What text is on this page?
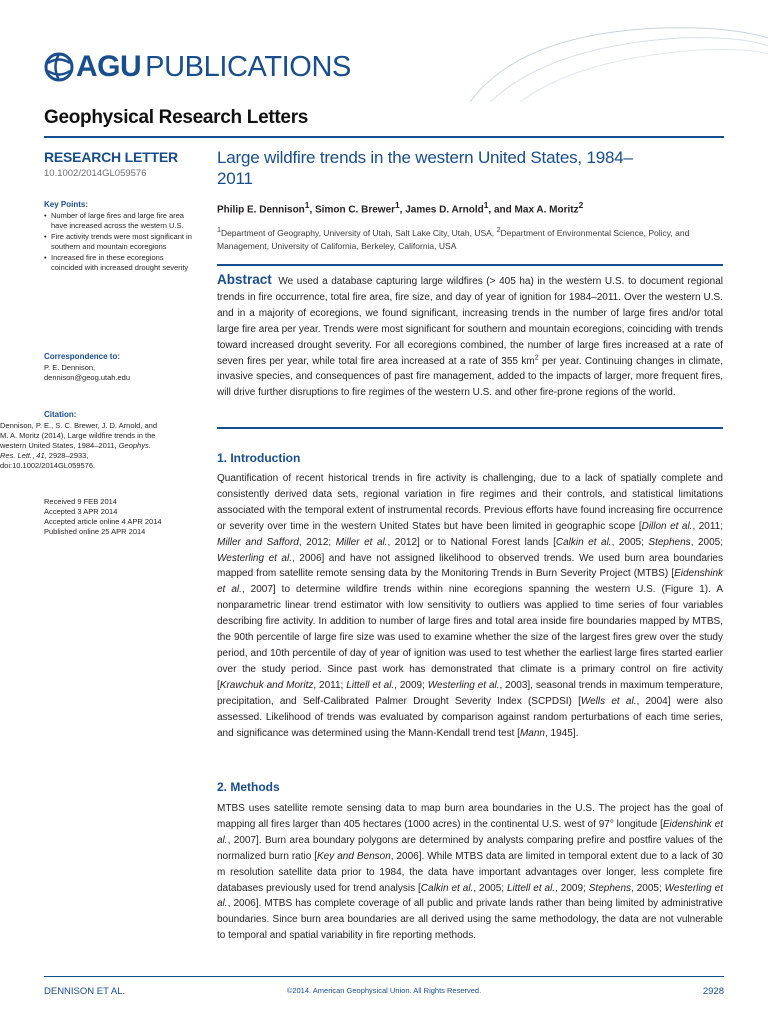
AGU PUBLICATIONS
Geophysical Research Letters
RESEARCH LETTER
10.1002/2014GL059576
Key Points:
• Number of large fires and large fire area have increased across the western U.S.
• Fire activity trends were most significant in southern and mountain ecoregions
• Increased fire in these ecoregions coincided with increased drought severity
Correspondence to:
P. E. Dennison,
dennison@geog.utah.edu
Citation:
Dennison, P. E., S. C. Brewer, J. D. Arnold, and M. A. Moritz (2014), Large wildfire trends in the western United States, 1984–2011, Geophys. Res. Lett., 41, 2928–2933, doi:10.1002/2014GL059576.
Received 9 FEB 2014
Accepted 3 APR 2014
Accepted article online 4 APR 2014
Published online 25 APR 2014
Large wildfire trends in the western United States, 1984–2011
Philip E. Dennison$^1$, Simon C. Brewer$^1$, James D. Arnold$^1$, and Max A. Moritz$^2$
$^1$Department of Geography, University of Utah, Salt Lake City, Utah, USA, $^2$Department of Environmental Science, Policy, and Management, University of California, Berkeley, California, USA
Abstract We used a database capturing large wildfires (> 405 ha) in the western U.S. to document regional trends in fire occurrence, total fire area, fire size, and day of year of ignition for 1984–2011. Over the western U.S. and in a majority of ecoregions, we found significant, increasing trends in the number of large fires and/or total large fire area per year. Trends were most significant for southern and mountain ecoregions, coinciding with trends toward increased drought severity. For all ecoregions combined, the number of large fires increased at a rate of seven fires per year, while total fire area increased at a rate of 355 $km^2$ per year. Continuing changes in climate, invasive species, and consequences of past fire management, added to the impacts of larger, more frequent fires, will drive further disruptions to fire regimes of the western U.S. and other fire-prone regions of the world.
1. Introduction

Quantification of recent historical trends in fire activity is challenging, due to a lack of spatially complete and consistently derived data sets, regional variation in fire regimes and their controls, and statistical limitations associated with the temporal extent of instrumental records. Previous efforts have found increasing fire occurrence or severity over time in the western United States but have been limited in geographic scope [Dillon et al., 2011; Miller and Safford, 2012; Miller et al., 2012] or to National Forest lands [Calkin et al., 2005; Stephens, 2005; Westerling et al., 2006] and have not assigned likelihood to observed trends. We used burn area boundaries mapped from satellite remote sensing data by the Monitoring Trends in Burn Severity Project (MTBS) [Eidenshink et al., 2007] to determine wildfire trends within nine ecoregions spanning the western U.S. (Figure 1). A nonparametric linear trend estimator with low sensitivity to outliers was applied to time series of four variables describing fire activity. In addition to number of large fires and total area inside fire boundaries mapped by MTBS, the 90th percentile of large fire size was used to examine whether the size of the largest fires grew over the study period, and 10th percentile of day of year of ignition was used to test whether the earliest large fires started earlier over the study period. Since past work has demonstrated that climate is a primary control on fire activity [Krawchuk and Moritz, 2011; Littell et al., 2009; Westerling et al., 2003], seasonal trends in maximum temperature, precipitation, and Self-Calibrated Palmer Drought Severity Index (SCPDSI) [Wells et al., 2004] were also assessed. Likelihood of trends was evaluated by comparison against random perturbations of each time series, and significance was determined using the Mann-Kendall trend test [Mann, 1945].

2. Methods

MTBS uses satellite remote sensing data to map burn area boundaries in the U.S. The project has the goal of mapping all fires larger than 405 hectares (1000 acres) in the continental U.S. west of 97° longitude [Eidenshink et al., 2007]. Burn area boundary polygons are determined by analysts comparing prefire and postfire values of the normalized burn ratio [Key and Benson, 2006]. While MTBS data are limited in temporal extent due to a lack of 30 m resolution satellite data prior to 1984, the data have important advantages over longer, less complete fire databases previously used for trend analysis [Calkin et al., 2005; Littell et al., 2009; Stephens, 2005; Westerling et al., 2006]. MTBS has complete coverage of all public and private lands rather than being limited by administrative boundaries. Since burn area boundaries are all derived using the same methodology, the data are not vulnerable to temporal and spatial variability in fire reporting methods.

DENNISON ET AL.	©2014. American Geophysical Union. All Rights Reserved.	2928
